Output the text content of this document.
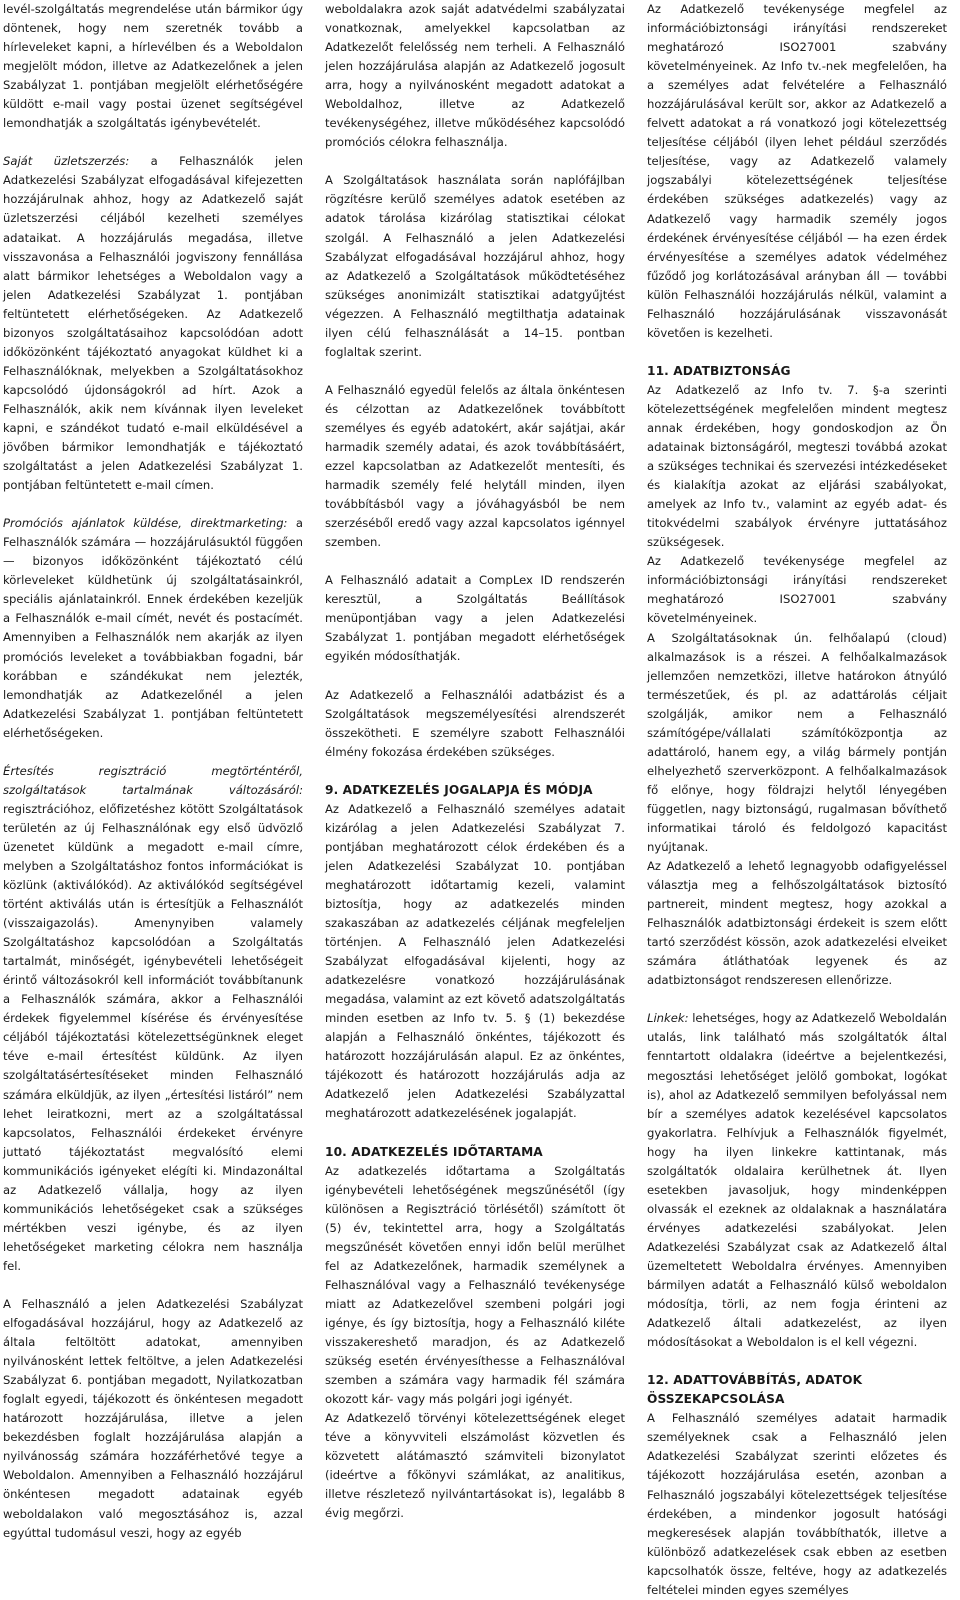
levél-szolgáltatás megrendelése után bármikor úgy döntenek, hogy nem szeretnék tovább a hírleveleket kapni, a hírlevélben és a Weboldalon megjelölt módon, illetve az Adatkezelőnek a jelen Szabályzat 1. pontjában megjelölt elérhetőségére küldött e-mail vagy postai üzenet segítségével lemondhatják a szolgáltatás igénybevételét.

Saját üzletszerzés: a Felhasználók jelen Adatkezelési Szabályzat elfogadásával kifejezetten hozzájárulnak ahhoz, hogy az Adatkezelő saját üzletszerzési céljából kezelheti személyes adataikat. A hozzájárulás megadása, illetve visszavonása a Felhasználói jogviszony fennállása alatt bármikor lehetséges a Weboldalon vagy a jelen Adatkezelési Szabályzat 1. pontjában feltüntetett elérhetőségeken. Az Adatkezelő bizonyos szolgáltatásaihoz kapcsolódóan adott időközönként tájékoztató anyagokat küldhet ki a Felhasználóknak, melyekben a Szolgáltatásokhoz kapcsolódó újdonságokról ad hírt. Azok a Felhasználók, akik nem kívánnak ilyen leveleket kapni, e szándékot tudató e-mail elküldésével a jövőben bármikor lemondhatják e tájékoztató szolgáltatást a jelen Adatkezelési Szabályzat 1. pontjában feltüntetett e-mail címen.

Promóciós ajánlatok küldése, direktmarketing: a Felhasználók számára — hozzájárulásuktól függően — bizonyos időközönként tájékoztató célú körleveleket küldhetünk új szolgáltatásainkról, speciális ajánlatainkról. Ennek érdekében kezeljük a Felhasználók e-mail címét, nevét és postacímét. Amennyiben a Felhasználók nem akarják az ilyen promóciós leveleket a továbbiakban fogadni, bár korábban e szándékukat nem jelezték, lemondhatják az Adatkezelőnél a jelen Adatkezelési Szabályzat 1. pontjában feltüntetett elérhetőségeken.

Értesítés regisztráció megtörténtéről, szolgáltatások tartalmának változásáról: regisztrációhoz, előfizetéshez kötött Szolgáltatások területén az új Felhasználónak egy első üdvözlő üzenetet küldünk a megadott e-mail címre, melyben a Szolgáltatáshoz fontos információkat is közlünk (aktiválókód). Az aktiválókód segítségével történt aktiválás után is értesítjük a Felhasználót (visszaigazolás). Amenynyiben valamely Szolgáltatáshoz kapcsolódóan a Szolgáltatás tartalmát, minőségét, igénybevételi lehetőségeit érintő változásokról kell információt továbbítanunk a Felhasználók számára, akkor a Felhasználói érdekek figyelemmel kísérése és érvényesítése céljából tájékoztatási kötelezettségünknek eleget téve e-mail értesítést küldünk. Az ilyen szolgáltatásértesítéseket minden Felhasználó számára elküldjük, az ilyen „értesítési listáról” nem lehet leiratkozni, mert az a szolgáltatással kapcsolatos, Felhasználói érdekeket érvényre juttató tájékoztatást megvalósító elemi kommunikációs igényeket elégíti ki. Mindazonáltal az Adatkezelő vállalja, hogy az ilyen kommunikációs lehetőségeket csak a szükséges mértékben veszi igénybe, és az ilyen lehetőségeket marketing célokra nem használja fel.

A Felhasználó a jelen Adatkezelési Szabályzat elfogadásával hozzájárul, hogy az Adatkezelő az általa feltöltött adatokat, amennyiben nyilvánosként lettek feltöltve, a jelen Adatkezelési Szabályzat 6. pontjában megadott, Nyilatkozatban foglalt egyedi, tájékozott és önkéntesen megadott határozott hozzájárulása, illetve a jelen bekezdésben foglalt hozzájárulása alapján a nyilvánosság számára hozzáférhetővé tegye a Weboldalon. Amennyiben a Felhasználó hozzájárul önkéntesen megadott adatainak egyéb weboldalakon való megosztásához is, azzal egyúttal tudomásul veszi, hogy az egyéb

weboldalakra azok saját adatvédelmi szabályzatai vonatkoznak, amelyekkel kapcsolatban az Adatkezelőt felelősség nem terheli. A Felhasználó jelen hozzájárulása alapján az Adatkezelő jogosult arra, hogy a nyilvánosként megadott adatokat a Weboldalhoz, illetve az Adatkezelő tevékenységéhez, illetve működéséhez kapcsolódó promóciós célokra felhasználja.

A Szolgáltatások használata során naplófájlban rögzítésre kerülő személyes adatok esetében az adatok tárolása kizárólag statisztikai célokat szolgál. A Felhasználó a jelen Adatkezelési Szabályzat elfogadásával hozzájárul ahhoz, hogy az Adatkezelő a Szolgáltatások működtetéséhez szükséges anonimizált statisztikai adatgyűjtést végezzen. A Felhasználó megtilthatja adatainak ilyen célú felhasználását a 14–15. pontban foglaltak szerint.

A Felhasználó egyedül felelős az általa önkéntesen és célzottan az Adatkezelőnek továbbított személyes és egyéb adatokért, akár sajátjai, akár harmadik személy adatai, és azok továbbításáért, ezzel kapcsolatban az Adatkezelőt mentesíti, és harmadik személy felé helytáll minden, ilyen továbbításból vagy a jóváhagyásból be nem szerzéséből eredő vagy azzal kapcsolatos igénnyel szemben.

A Felhasználó adatait a CompLex ID rendszerén keresztül, a Szolgáltatás Beállítások menüpontjában vagy a jelen Adatkezelési Szabályzat 1. pontjában megadott elérhetőségek egyikén módosíthatják.

Az Adatkezelő a Felhasználói adatbázist és a Szolgáltatások megszemélyesítési alrendszerét összekötheti. E személyre szabott Felhasználói élmény fokozása érdekében szükséges.

9. ADATKEZELÉS JOGALAPJA ÉS MÓDJA

Az Adatkezelő a Felhasználó személyes adatait kizárólag a jelen Adatkezelési Szabályzat 7. pontjában meghatározott célok érdekében és a jelen Adatkezelési Szabályzat 10. pontjában meghatározott időtartamig kezeli, valamint biztosítja, hogy az adatkezelés minden szakaszában az adatkezelés céljának megfeleljen történjen. A Felhasználó jelen Adatkezelési Szabályzat elfogadásával kijelenti, hogy az adatkezelésre vonatkozó hozzájárulásának megadása, valamint az ezt követő adatszolgáltatás minden esetben az Info tv. 5. § (1) bekezdése alapján a Felhasználó önkéntes, tájékozott és határozott hozzájárulásán alapul. Ez az önkéntes, tájékozott és határozott hozzájárulás adja az Adatkezelő jelen Adatkezelési Szabályzattal meghatározott adatkezelésének jogalapját.

10. ADATKEZELÉS IDŐTARTAMA

Az adatkezelés időtartama a Szolgáltatás igénybevételi lehetőségének megszűnésétől (így különösen a Regisztráció törlésétől) számított öt (5) év, tekintettel arra, hogy a Szolgáltatás megszűnését követően ennyi időn belül merülhet fel az Adatkezelőnek, harmadik személynek a Felhasználóval vagy a Felhasználó tevékenysége miatt az Adatkezelővel szembeni polgári jogi igénye, és így biztosítja, hogy a Felhasználó kiléte visszakereshető maradjon, és az Adatkezelő szükség esetén érvényesíthesse a Felhasználóval szemben a számára vagy harmadik fél számára okozott kár- vagy más polgári jogi igényét.

Az Adatkezelő törvényi kötelezettségének eleget téve a könyvviteli elszámolást közvetlen és közvetett alátámasztó számviteli bizonylatot (ideértve a főkönyvi számlákat, az analitikus, illetve részletező nyilvántartásokat is), legalább 8 évig megőrzi.

Az Adatkezelő tevékenysége megfelel az információbiztonsági irányítási rendszereket meghatározó ISO27001 szabvány követelményeinek. Az Info tv.-nek megfelelően, ha a személyes adat felvételére a Felhasználó hozzájárulásával került sor, akkor az Adatkezelő a felvett adatokat a rá vonatkozó jogi kötelezettség teljesítése céljából (ilyen lehet például szerződés teljesítése, vagy az Adatkezelő valamely jogszabályi kötelezettségének teljesítése érdekében szükséges adatkezelés) vagy az Adatkezelő vagy harmadik személy jogos érdekének érvényesítése céljából — ha ezen érdek érvényesítése a személyes adatok védelméhez fűződő jog korlátozásával arányban áll — további külön Felhasználói hozzájárulás nélkül, valamint a Felhasználó hozzájárulásának visszavonását követően is kezelheti.

11. ADATBIZTONSÁG

Az Adatkezelő az Info tv. 7. §-a szerinti kötelezettségének megfelelően mindent megtesz annak érdekében, hogy gondoskodjon az Ön adatainak biztonságáról, megteszi továbbá azokat a szükséges technikai és szervezési intézkedéseket és kialakítja azokat az eljárási szabályokat, amelyek az Info tv., valamint az egyéb adat- és titokvédelmi szabályok érvényre juttatásához szükségesek.

Az Adatkezelő tevékenysége megfelel az információbiztonsági irányítási rendszereket meghatározó ISO27001 szabvány követelményeinek.

A Szolgáltatásoknak ún. felhőalapú (cloud) alkalmazások is a részei. A felhőalkalmazások jellemzően nemzetközi, illetve határokon átnyúló természetűek, és pl. az adattárolás céljait szolgálják, amikor nem a Felhasználó számítógépe/vállalati számítóközpontja az adattároló, hanem egy, a világ bármely pontján elhelyezhető szerverközpont. A felhőalkalmazások fő előnye, hogy földrajzi helytől lényegében független, nagy biztonságú, rugalmasan bővíthető informatikai tároló és feldolgozó kapacitást nyújtanak.

Az Adatkezelő a lehető legnagyobb odafigyeléssel választja meg a felhőszolgáltatások biztosító partnereit, mindent megtesz, hogy azokkal a Felhasználók adatbiztonsági érdekeit is szem előtt tartó szerződést kössön, azok adatkezelési elveiket számára átláthatóak legyenek és az adatbiztonságot rendszeresen ellenőrizze.

Linkek: lehetséges, hogy az Adatkezelő Weboldalán utalás, link található más szolgáltatók által fenntartott oldalakra (ideértve a bejelentkezési, megosztási lehetőséget jelölő gombokat, logókat is), ahol az Adatkezelő semmilyen befolyással nem bír a személyes adatok kezelésével kapcsolatos gyakorlatra. Felhívjuk a Felhasználók figyelmét, hogy ha ilyen linkekre kattintanak, más szolgáltatók oldalaira kerülhetnek át. Ilyen esetekben javasoljuk, hogy mindenképpen olvassák el ezeknek az oldalaknak a használatára érvényes adatkezelési szabályokat. Jelen Adatkezelési Szabályzat csak az Adatkezelő által üzemeltetett Weboldalra érvényes. Amennyiben bármilyen adatát a Felhasználó külső weboldalon módosítja, törli, az nem fogja érinteni az Adatkezelő általi adatkezelést, az ilyen módosításokat a Weboldalon is el kell végezni.

12. ADATTOVÁBBÍTÁS, ADATOK ÖSSZEKAPCSOLÁSA

A Felhasználó személyes adatait harmadik személyeknek csak a Felhasználó jelen Adatkezelési Szabályzat szerinti előzetes és tájékozott hozzájárulása esetén, azonban a Felhasználó jogszabályi kötelezettségek teljesítése érdekében, a mindenkor jogosult hatósági megkeresések alapján továbbíthatók, illetve a különböző adatkezelések csak ebben az esetben kapcsolhatók össze, feltéve, hogy az adatkezelés feltételei minden egyes személyes
